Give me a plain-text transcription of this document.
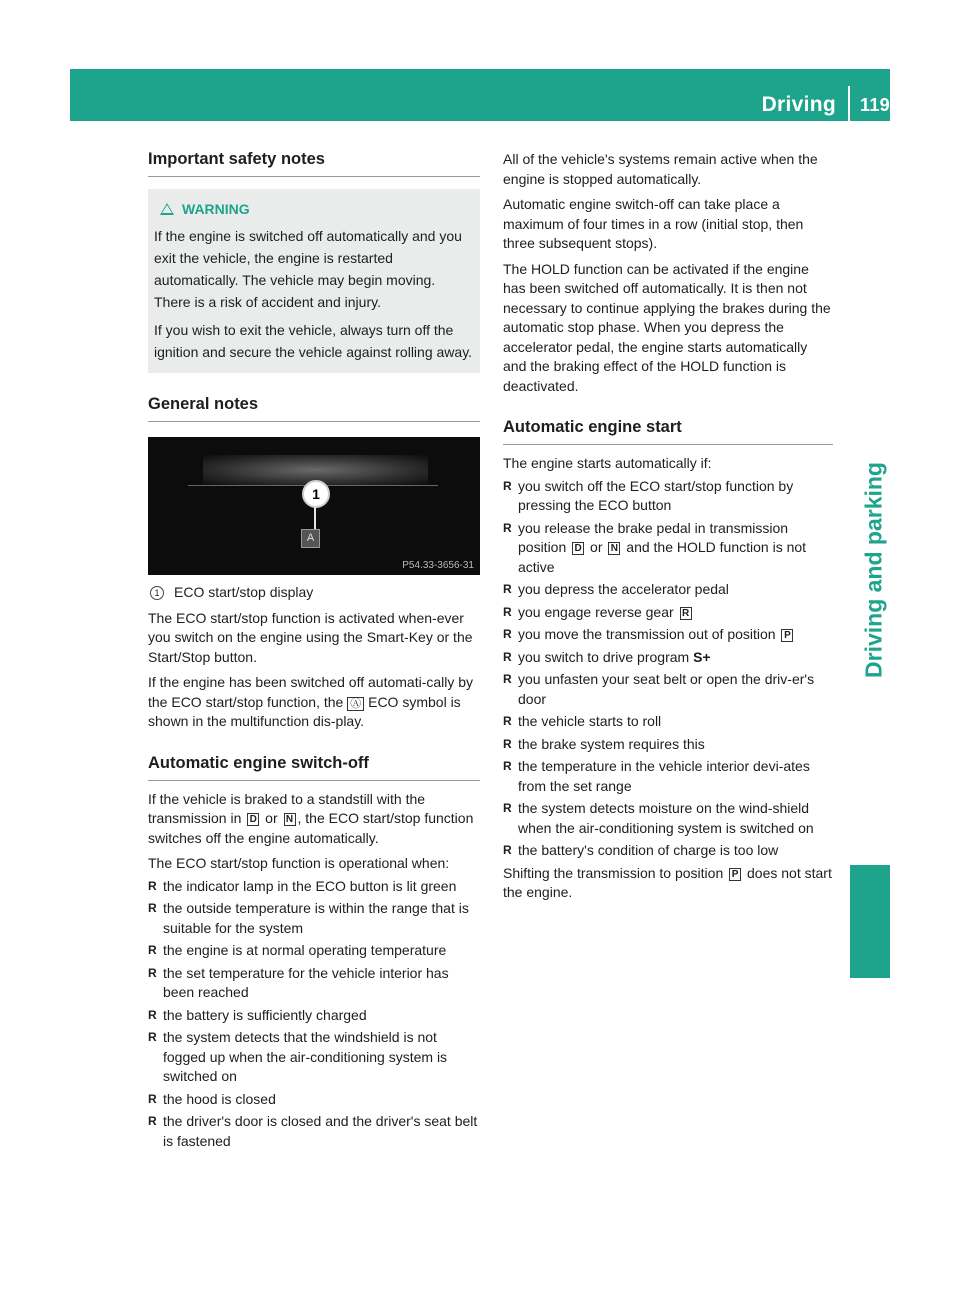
Driving 119
Driving and parking
Important safety notes
WARNING

If the engine is switched off automatically and you exit the vehicle, the engine is restarted automatically. The vehicle may begin moving. There is a risk of accident and injury.

If you wish to exit the vehicle, always turn off the ignition and secure the vehicle against rolling away.

General notes
1
A
P54.33-3656-31

1 ECO start/stop display

The ECO start/stop function is activated when-ever you switch on the engine using the Smart-Key or the Start/Stop button.

If the engine has been switched off automati-cally by the ECO start/stop function, the Ⓐ ECO symbol is shown in the multifunction dis-play.

Automatic engine switch-off

If the vehicle is braked to a standstill with the transmission in D or N , the ECO start/stop function switches off the engine automatically.

The ECO start/stop function is operational when:

R the indicator lamp in the ECO button is lit green
R the outside temperature is within the range that is suitable for the system
R the engine is at normal operating temperature
R the set temperature for the vehicle interior has been reached
R the battery is sufficiently charged
R the system detects that the windshield is not fogged up when the air-conditioning system is switched on
R the hood is closed
R the driver's door is closed and the driver's seat belt is fastened

All of the vehicle's systems remain active when the engine is stopped automatically.

Automatic engine switch-off can take place a maximum of four times in a row (initial stop, then three subsequent stops).

The HOLD function can be activated if the engine has been switched off automatically. It is then not necessary to continue applying the brakes during the automatic stop phase. When you depress the accelerator pedal, the engine starts automatically and the braking effect of the HOLD function is deactivated.

Automatic engine start

The engine starts automatically if:

R you switch off the ECO start/stop function by pressing the ECO button
R you release the brake pedal in transmission position D or N and the HOLD function is not active
R you depress the accelerator pedal
R you engage reverse gear R
R you move the transmission out of position P
R you switch to drive program S+
R you unfasten your seat belt or open the driv-er's door
R the vehicle starts to roll
R the brake system requires this
R the temperature in the vehicle interior devi-ates from the set range
R the system detects moisture on the wind-shield when the air-conditioning system is switched on
R the battery's condition of charge is too low

Shifting the transmission to position P does not start the engine.
